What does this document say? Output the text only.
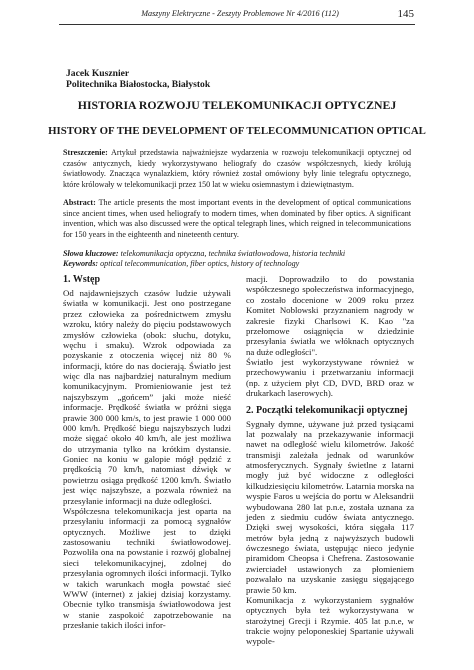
Maszyny Elektryczne - Zeszyty Problemowe Nr 4/2016 (112)	145
Jacek Kusznier
Politechnika Białostocka, Białystok
HISTORIA ROZWOJU TELEKOMUNIKACJI OPTYCZNEJ
HISTORY OF THE DEVELOPMENT OF TELECOMMUNICATION OPTICAL

Streszczenie: Artykuł przedstawia najważniejsze wydarzenia w rozwoju telekomunikacji optycznej od czasów antycznych, kiedy wykorzystywano heliografy do czasów współczesnych, kiedy królują światłowody. Znacząca wynalazkiem, który również został omówiony były linie telegrafu optycznego, które królowały w telekomunikacji przez 150 lat w wieku osiemnastym i dziewiętnastym.

Abstract: The article presents the most important events in the development of optical communications since ancient times, when used heliografy to modern times, when dominated by fiber optics. A significant invention, which was also discussed were the optical telegraph lines, which reigned in telecommunications for 150 years in the eighteenth and nineteenth century.

Słowa kluczowe: telekomunikacja optyczna, technika światłowodowa, historia techniki
Keywords: optical telecommunication, fiber optics, history of technology
1. Wstęp

Od najdawniejszych czasów ludzie używali światła w komunikacji. Jest ono postrzegane przez człowieka za pośrednictwem zmysłu wzroku, który należy do pięciu podstawowych zmysłów człowieka (obok: słuchu, dotyku, węchu i smaku). Wzrok odpowiada za pozyskanie z otoczenia więcej niż 80 % informacji, które do nas docierają. Światło jest więc dla nas najbardziej naturalnym medium komunikacyjnym. Promieniowanie jest też najszybszym „gońcem” jaki może nieść informacje. Prędkość światła w próżni sięga prawie 300 000 km/s, to jest prawie 1 000 000 000 km/h. Prędkość biegu najszybszych ludzi może sięgać około 40 km/h, ale jest możliwa do utrzymania tylko na krótkim dystansie. Goniec na koniu w galopie mógł pędzić z prędkością 70 km/h, natomiast dźwięk w powietrzu osiąga prędkość 1200 km/h. Światło jest więc najszybsze, a pozwala również na przesyłanie informacji na duże odległości.

Współczesna telekomunikacja jest oparta na przesyłaniu informacji za pomocą sygnałów optycznych. Możliwe jest to dzięki zastosowaniu techniki światłowodowej. Pozwoliła ona na powstanie i rozwój globalnej sieci telekomunikacyjnej, zdolnej do przesyłania ogromnych ilości informacji. Tylko w takich warunkach mogła powstać sieć WWW (internet) z jakiej dzisiaj korzystamy. Obecnie tylko transmisja światłowodowa jest w stanie zaspokoić zapotrzebowanie na przesłanie takich ilości infor-

macji. Doprowadziło to do powstania współczesnego społeczeństwa informacyjnego, co zostało docenione w 2009 roku przez Komitet Noblowski przyznaniem nagrody w zakresie fizyki Charlsowi K. Kao "za przełomowe osiągnięcia w dziedzinie przesyłania światła we włóknach optycznych na duże odległości".

Światło jest wykorzystywane również w przechowywaniu i przetwarzaniu informacji (np. z użyciem płyt CD, DVD, BRD oraz w drukarkach laserowych).

2. Początki telekomunikacji optycznej

Sygnały dymne, używane już przed tysiącami lat pozwalały na przekazywanie informacji nawet na odległość wielu kilometrów. Jakość transmisji zależała jednak od warunków atmosferycznych. Sygnały świetlne z latarni mogły już być widoczne z odległości kilkudziesięciu kilometrów. Latarnia morska na wyspie Faros u wejścia do portu w Aleksandrii wybudowana 280 lat p.n.e, została uznana za jeden z siedmiu cudów świata antycznego. Dzięki swej wysokości, która sięgała 117 metrów była jedną z najwyższych budowli ówczesnego świata, ustępując nieco jedynie piramidom Cheopsa i Chefrena. Zastosowanie zwierciadeł ustawionych za płomieniem pozwalało na uzyskanie zasięgu sięgającego prawie 50 km.

Komunikacja z wykorzystaniem sygnałów optycznych była też wykorzystywana w starożytnej Grecji i Rzymie. 405 lat p.n.e, w trakcie wojny peloponeskiej Spartanie używali wypole-
